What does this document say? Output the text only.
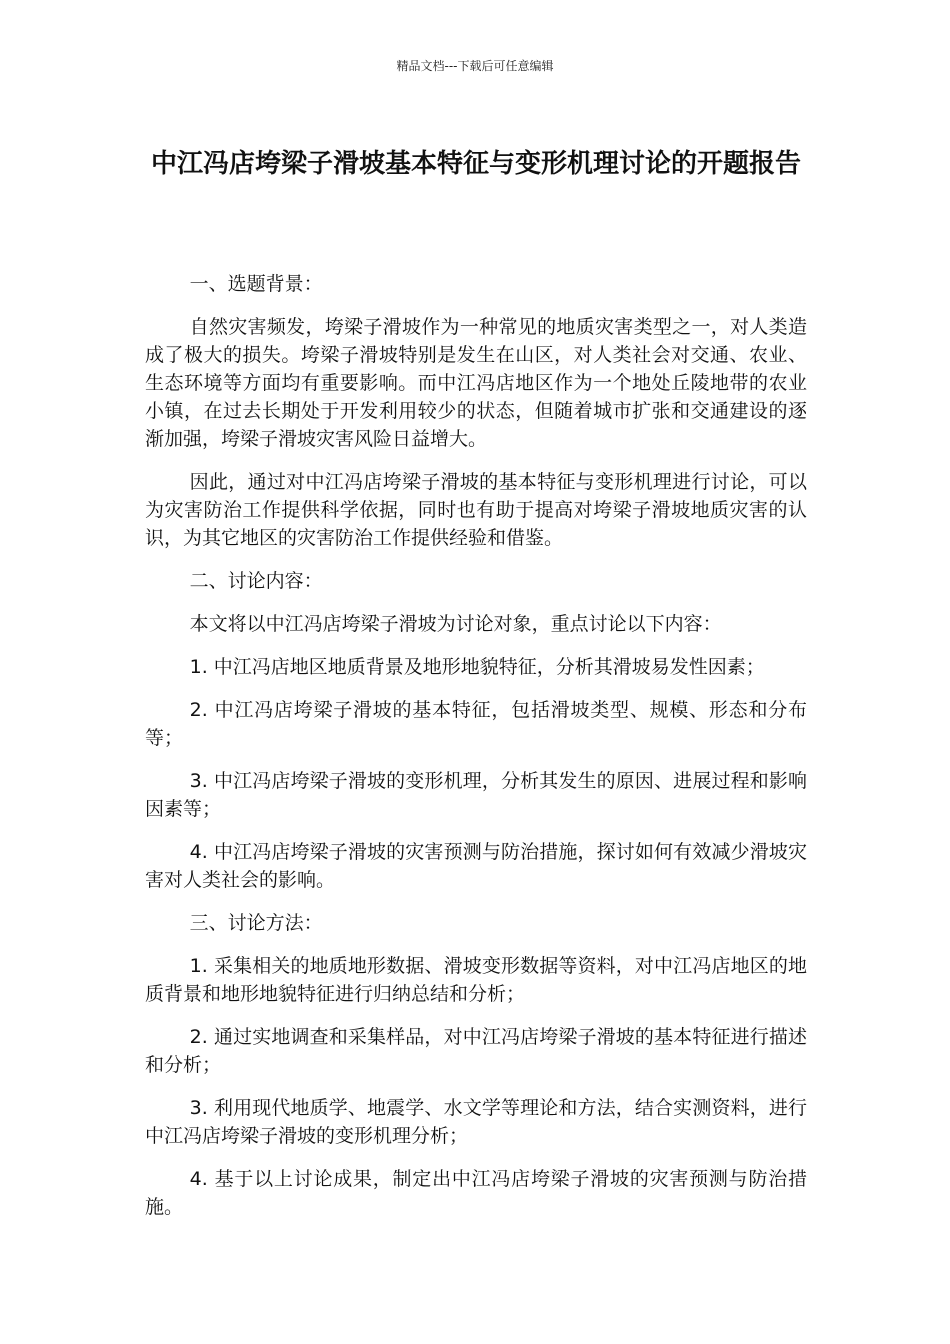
精品文档---下载后可任意编辑
中江冯店垮梁子滑坡基本特征与变形机理讨论的开题报告

一、选题背景：

自然灾害频发，垮梁子滑坡作为一种常见的地质灾害类型之一，对人类造成了极大的损失。垮梁子滑坡特别是发生在山区，对人类社会对交通、农业、生态环境等方面均有重要影响。而中江冯店地区作为一个地处丘陵地带的农业小镇，在过去长期处于开发利用较少的状态，但随着城市扩张和交通建设的逐渐加强，垮梁子滑坡灾害风险日益增大。

因此，通过对中江冯店垮梁子滑坡的基本特征与变形机理进行讨论，可以为灾害防治工作提供科学依据，同时也有助于提高对垮梁子滑坡地质灾害的认识，为其它地区的灾害防治工作提供经验和借鉴。

二、讨论内容：

本文将以中江冯店垮梁子滑坡为讨论对象，重点讨论以下内容：

1. 中江冯店地区地质背景及地形地貌特征，分析其滑坡易发性因素；

2. 中江冯店垮梁子滑坡的基本特征，包括滑坡类型、规模、形态和分布等；

3. 中江冯店垮梁子滑坡的变形机理，分析其发生的原因、进展过程和影响因素等；

4. 中江冯店垮梁子滑坡的灾害预测与防治措施，探讨如何有效减少滑坡灾害对人类社会的影响。

三、讨论方法：

1. 采集相关的地质地形数据、滑坡变形数据等资料，对中江冯店地区的地质背景和地形地貌特征进行归纳总结和分析；

2. 通过实地调查和采集样品，对中江冯店垮梁子滑坡的基本特征进行描述和分析；

3. 利用现代地质学、地震学、水文学等理论和方法，结合实测资料，进行中江冯店垮梁子滑坡的变形机理分析；

4. 基于以上讨论成果，制定出中江冯店垮梁子滑坡的灾害预测与防治措施。
